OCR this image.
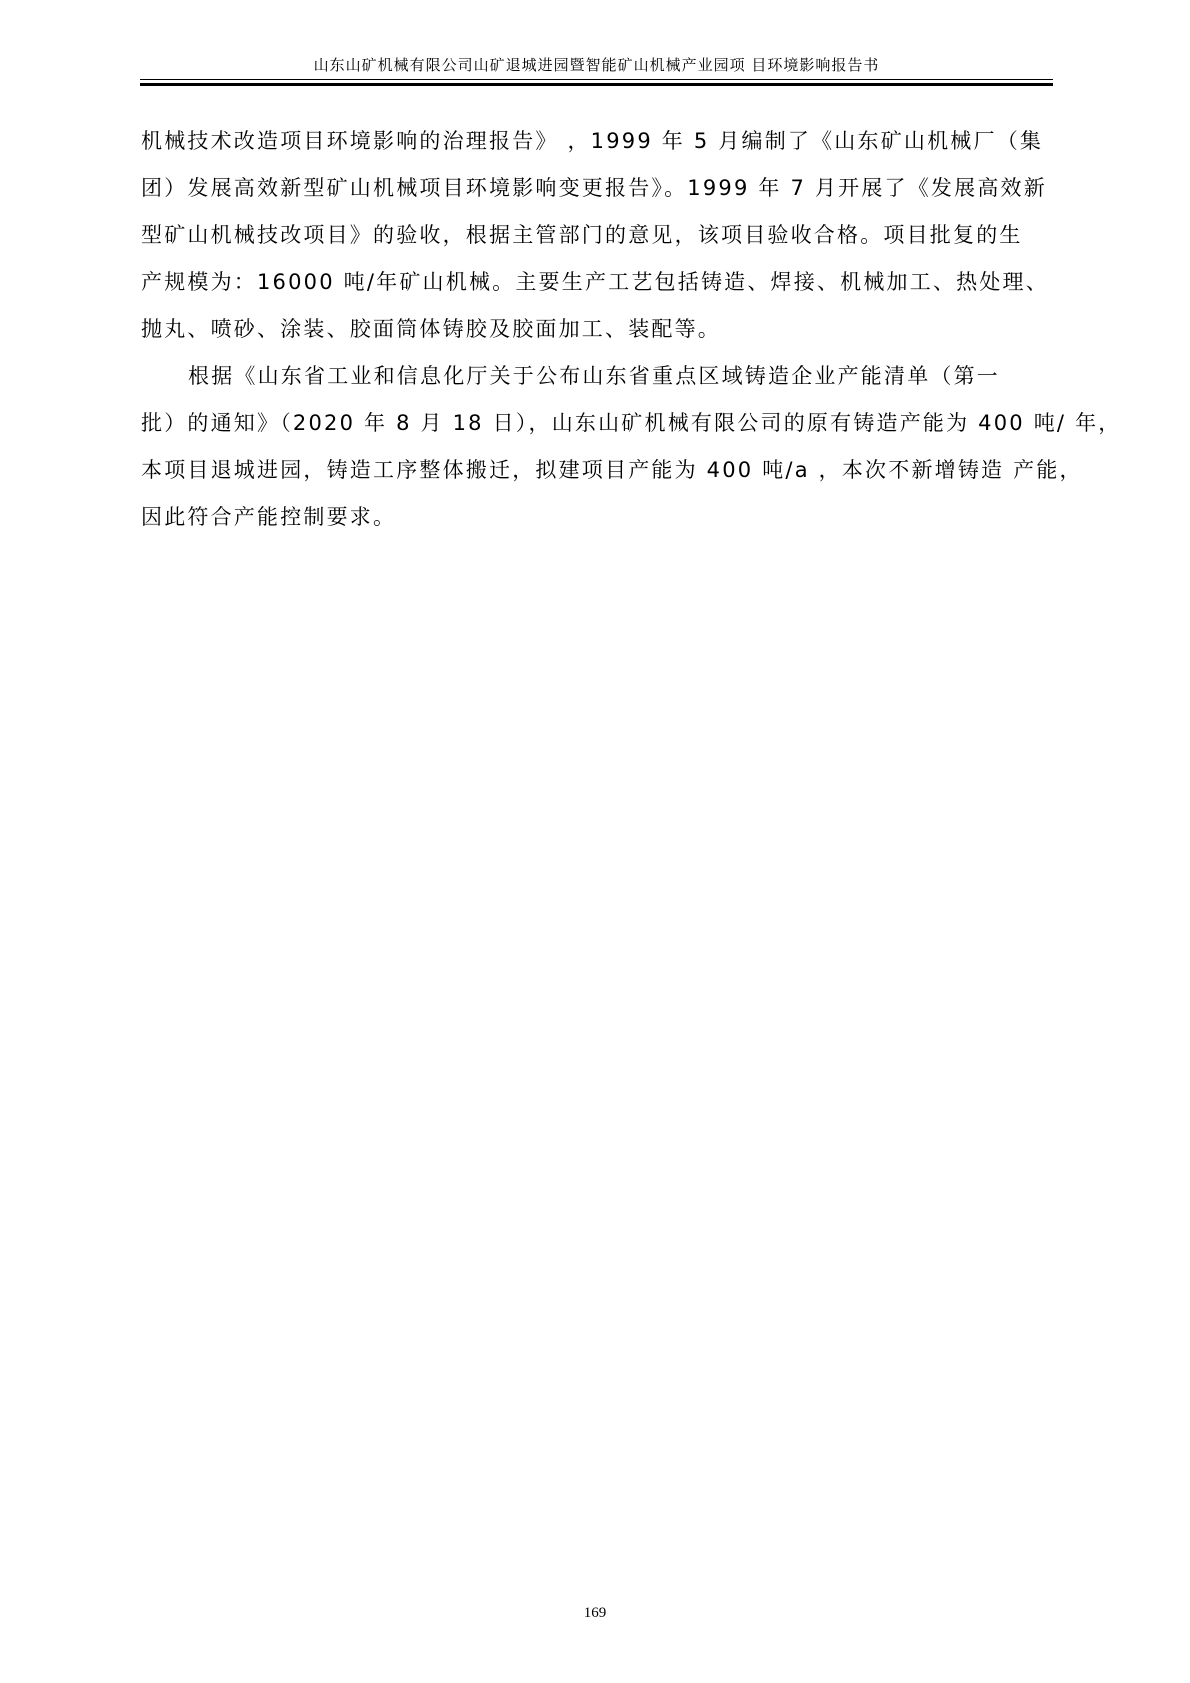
山东山矿机械有限公司山矿退城进园暨智能矿山机械产业园项 目环境影响报告书
机械技术改造项目环境影响的治理报告》 ，1999 年 5 月编制了《山东矿山机械厂（集
团）发展高效新型矿山机械项目环境影响变更报告》。1999 年 7 月开展了《发展高效新
型矿山机械技改项目》的验收，根据主管部门的意见，该项目验收合格。项目批复的生
产规模为：16000 吨/年矿山机械。主要生产工艺包括铸造、焊接、机械加工、热处理、
抛丸、喷砂、涂装、胶面筒体铸胶及胶面加工、装配等。
根据《山东省工业和信息化厅关于公布山东省重点区域铸造企业产能清单（第一
批）的通知》（2020 年 8 月 18 日），山东山矿机械有限公司的原有铸造产能为 400 吨/ 年，
本项目退城进园，铸造工序整体搬迁，拟建项目产能为 400 吨/a ，本次不新增铸造 产能，
因此符合产能控制要求。
169
